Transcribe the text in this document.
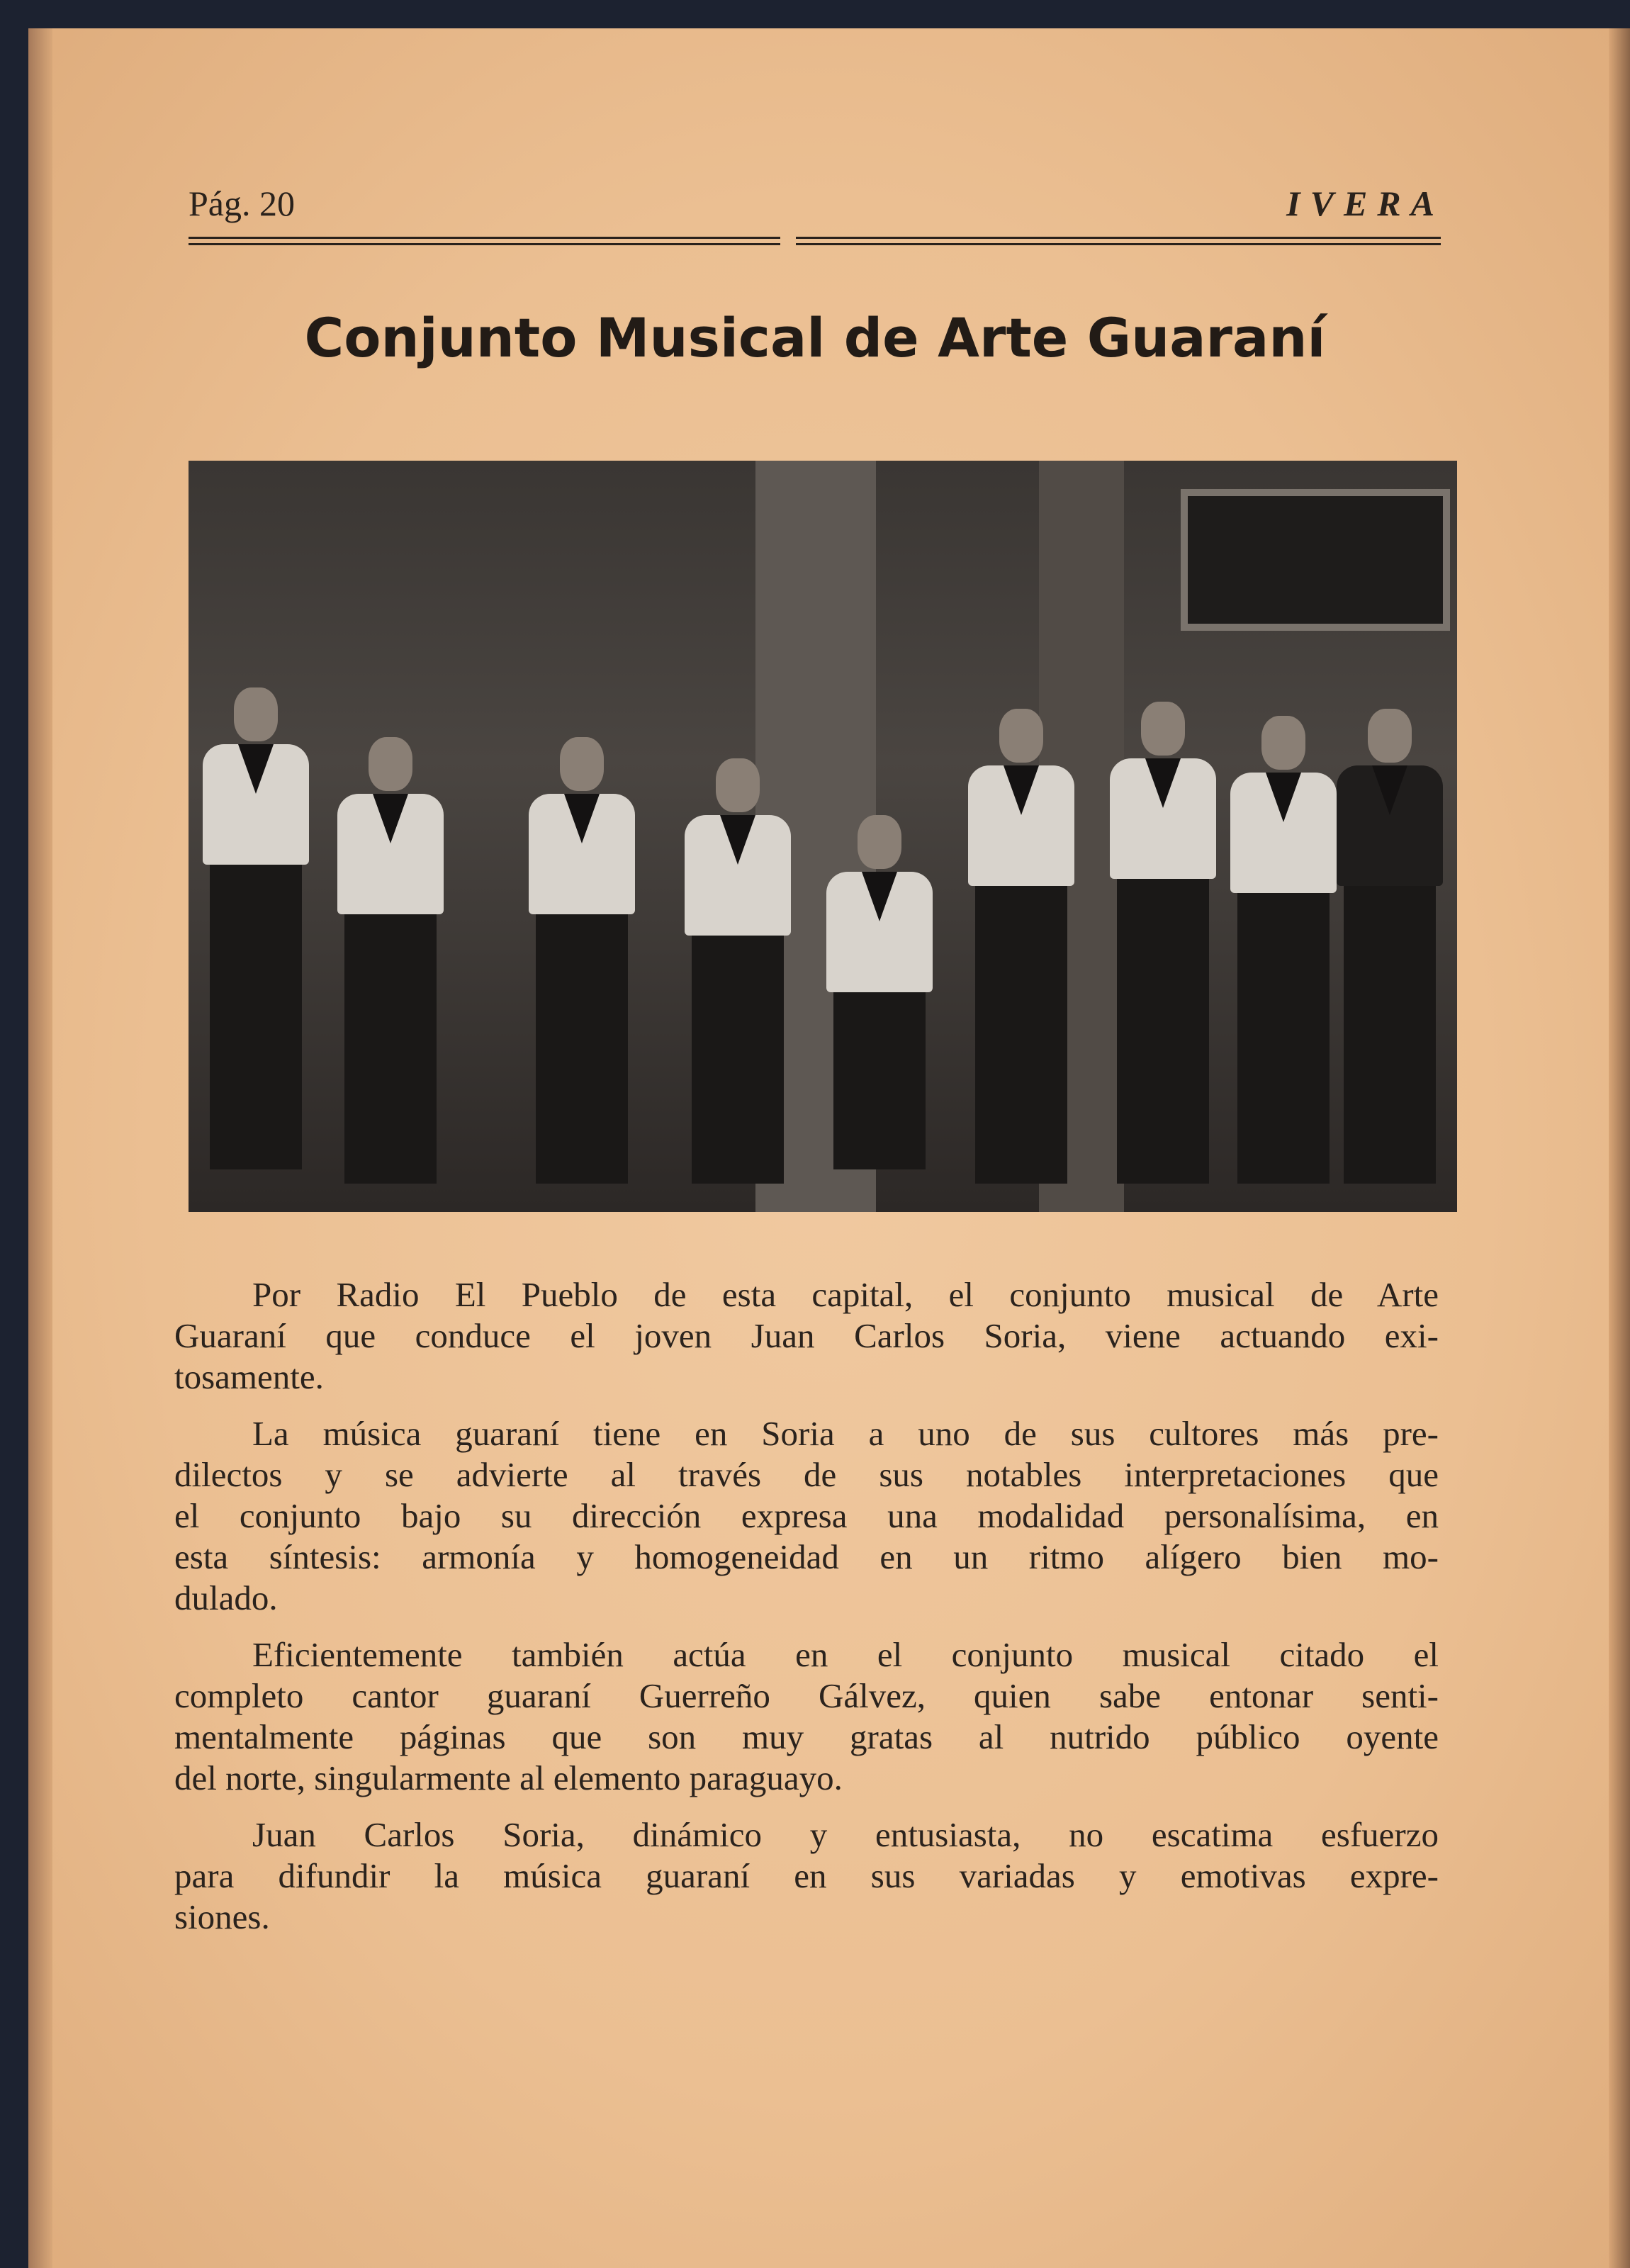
Pág. 20	IVERA
Conjunto Musical de Arte Guaraní
Por Radio El Pueblo de esta capital, el conjunto musical de Arte
Guaraní que conduce el joven Juan Carlos Soria, viene actuando exi-
tosamente.
La música guaraní tiene en Soria a uno de sus cultores más pre-
dilectos y se advierte al través de sus notables interpretaciones que
el conjunto bajo su dirección expresa una modalidad personalísima, en
esta síntesis: armonía y homogeneidad en un ritmo alígero bien mo-
dulado.
Eficientemente también actúa en el conjunto musical citado el
completo cantor guaraní Guerreño Gálvez, quien sabe entonar senti-
mentalmente páginas que son muy gratas al nutrido público oyente
del norte, singularmente al elemento paraguayo.
Juan Carlos Soria, dinámico y entusiasta, no escatima esfuerzo
para difundir la música guaraní en sus variadas y emotivas expre-
siones.
